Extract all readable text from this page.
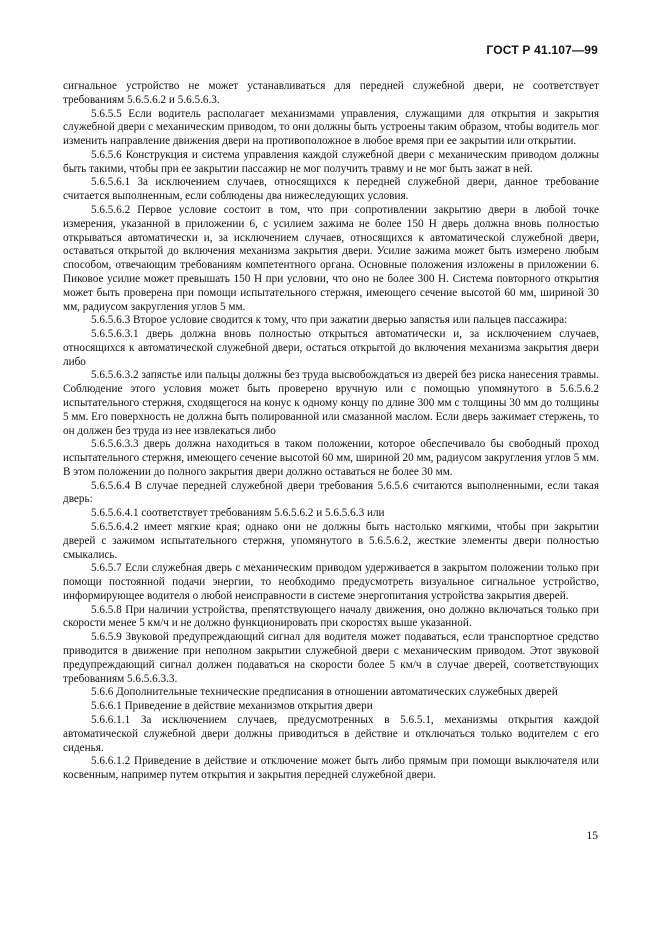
ГОСТ Р 41.107—99

сигнальное устройство не может устанавливаться для передней служебной двери, не соответствует требованиям 5.6.5.6.2 и 5.6.5.6.3.

5.6.5.5 Если водитель располагает механизмами управления, служащими для открытия и закрытия служебной двери с механическим приводом, то они должны быть устроены таким образом, чтобы водитель мог изменить направление движения двери на противоположное в любое время при ее закрытии или открытии.

5.6.5.6 Конструкция и система управления каждой служебной двери с механическим приводом должны быть такими, чтобы при ее закрытии пассажир не мог получить травму и не мог быть зажат в ней.

5.6.5.6.1 За исключением случаев, относящихся к передней служебной двери, данное требование считается выполненным, если соблюдены два нижеследующих условия.

5.6.5.6.2 Первое условие состоит в том, что при сопротивлении закрытию двери в любой точке измерения, указанной в приложении 6, с усилием зажима не более 150 Н дверь должна вновь полностью открываться автоматически и, за исключением случаев, относящихся к автоматической служебной двери, оставаться открытой до включения механизма закрытия двери. Усилие зажима может быть измерено любым способом, отвечающим требованиям компетентного органа. Основные положения изложены в приложении 6. Пиковое усилие может превышать 150 Н при условии, что оно не более 300 Н. Система повторного открытия может быть проверена при помощи испытательного стержня, имеющего сечение высотой 60 мм, шириной 30 мм, радиусом закругления углов 5 мм.

5.6.5.6.3 Второе условие сводится к тому, что при зажатии дверью запястья или пальцев пассажира:

5.6.5.6.3.1 дверь должна вновь полностью открыться автоматически и, за исключением случаев, относящихся к автоматической служебной двери, остаться открытой до включения механизма закрытия двери либо

5.6.5.6.3.2 запястье или пальцы должны без труда высвобождаться из дверей без риска нанесения травмы. Соблюдение этого условия может быть проверено вручную или с помощью упомянутого в 5.6.5.6.2 испытательного стержня, сходящегося на конус к одному концу по длине 300 мм с толщины 30 мм до толщины 5 мм. Его поверхность не должна быть полированной или смазанной маслом. Если дверь зажимает стержень, то он должен без труда из нее извлекаться либо

5.6.5.6.3.3 дверь должна находиться в таком положении, которое обеспечивало бы свободный проход испытательного стержня, имеющего сечение высотой 60 мм, шириной 20 мм, радиусом закругления углов 5 мм. В этом положении до полного закрытия двери должно оставаться не более 30 мм.

5.6.5.6.4 В случае передней служебной двери требования 5.6.5.6 считаются выполненными, если такая дверь:

5.6.5.6.4.1 соответствует требованиям 5.6.5.6.2 и 5.6.5.6.3 или

5.6.5.6.4.2 имеет мягкие края; однако они не должны быть настолько мягкими, чтобы при закрытии дверей с зажимом испытательного стержня, упомянутого в 5.6.5.6.2, жесткие элементы двери полностью смыкались.

5.6.5.7 Если служебная дверь с механическим приводом удерживается в закрытом положении только при помощи постоянной подачи энергии, то необходимо предусмотреть визуальное сигнальное устройство, информирующее водителя о любой неисправности в системе энергопитания устройства закрытия дверей.

5.6.5.8 При наличии устройства, препятствующего началу движения, оно должно включаться только при скорости менее 5 км/ч и не должно функционировать при скоростях выше указанной.

5.6.5.9 Звуковой предупреждающий сигнал для водителя может подаваться, если транспортное средство приводится в движение при неполном закрытии служебной двери с механическим приводом. Этот звуковой предупреждающий сигнал должен подаваться на скорости более 5 км/ч в случае дверей, соответствующих требованиям 5.6.5.6.3.3.

5.6.6 Дополнительные технические предписания в отношении автоматических служебных дверей

5.6.6.1 Приведение в действие механизмов открытия двери

5.6.6.1.1 За исключением случаев, предусмотренных в 5.6.5.1, механизмы открытия каждой автоматической служебной двери должны приводиться в действие и отключаться только водителем с его сиденья.

5.6.6.1.2 Приведение в действие и отключение может быть либо прямым при помощи выключателя или косвенным, например путем открытия и закрытия передней служебной двери.

15
